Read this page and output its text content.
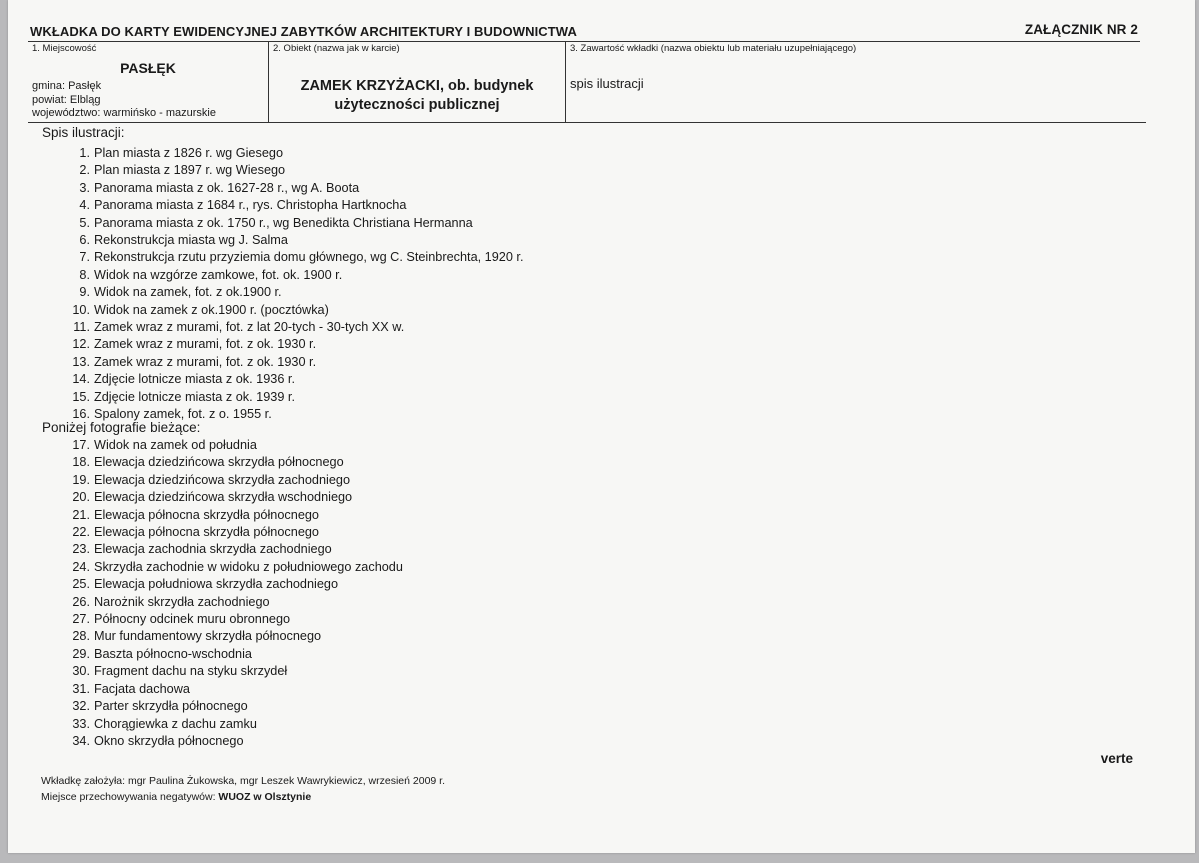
WKŁADKA DO KARTY EWIDENCYJNEJ ZABYTKÓW ARCHITEKTURY I BUDOWNICTWA	ZAŁĄCZNIK NR 2
1. Miejscowość
PASŁĘK
gmina: Pasłęk
powiat: Elbląg
województwo: warmińsko - mazurskie
2. Obiekt (nazwa jak w karcie)
ZAMEK KRZYŻACKI, ob. budynek
użyteczności publicznej
3. Zawartość wkładki (nazwa obiektu lub materiału uzupełniającego)
spis ilustracji
Spis ilustracji:
1. Plan miasta z 1826 r. wg Giesego
2. Plan miasta z 1897 r. wg Wiesego
3. Panorama miasta z ok. 1627-28 r., wg A. Boota
4. Panorama miasta z 1684 r., rys. Christopha Hartknocha
5. Panorama miasta z ok. 1750 r., wg Benedikta Christiana Hermanna
6. Rekonstrukcja miasta wg J. Salma
7. Rekonstrukcja rzutu przyziemia domu głównego, wg C. Steinbrechta, 1920 r.
8. Widok na wzgórze zamkowe, fot. ok. 1900 r.
9. Widok na zamek, fot. z ok.1900 r.
10. Widok na zamek z ok.1900 r. (pocztówka)
11. Zamek wraz z murami, fot. z lat 20-tych - 30-tych XX w.
12. Zamek wraz z murami, fot. z ok. 1930 r.
13. Zamek wraz z murami, fot. z ok. 1930 r.
14. Zdjęcie lotnicze miasta z ok. 1936 r.
15. Zdjęcie lotnicze miasta z ok. 1939 r.
16. Spalony zamek, fot. z o. 1955 r.
Poniżej fotografie bieżące:
17. Widok na zamek od południa
18. Elewacja dziedzińcowa skrzydła północnego
19. Elewacja dziedzińcowa skrzydła zachodniego
20. Elewacja dziedzińcowa skrzydła wschodniego
21. Elewacja północna skrzydła północnego
22. Elewacja północna skrzydła północnego
23. Elewacja zachodnia skrzydła zachodniego
24. Skrzydła zachodnie w widoku z południowego zachodu
25. Elewacja południowa skrzydła zachodniego
26. Narożnik skrzydła zachodniego
27. Północny odcinek muru obronnego
28. Mur fundamentowy skrzydła północnego
29. Baszta północno-wschodnia
30. Fragment dachu na styku skrzydeł
31. Facjata dachowa
32. Parter skrzydła północnego
33. Chorągiewka z dachu zamku
34. Okno skrzydła północnego
verte
Wkładkę założyła: mgr Paulina Żukowska, mgr Leszek Wawrykiewicz, wrzesień 2009 r.
Miejsce przechowywania negatywów: WUOZ w Olsztynie
